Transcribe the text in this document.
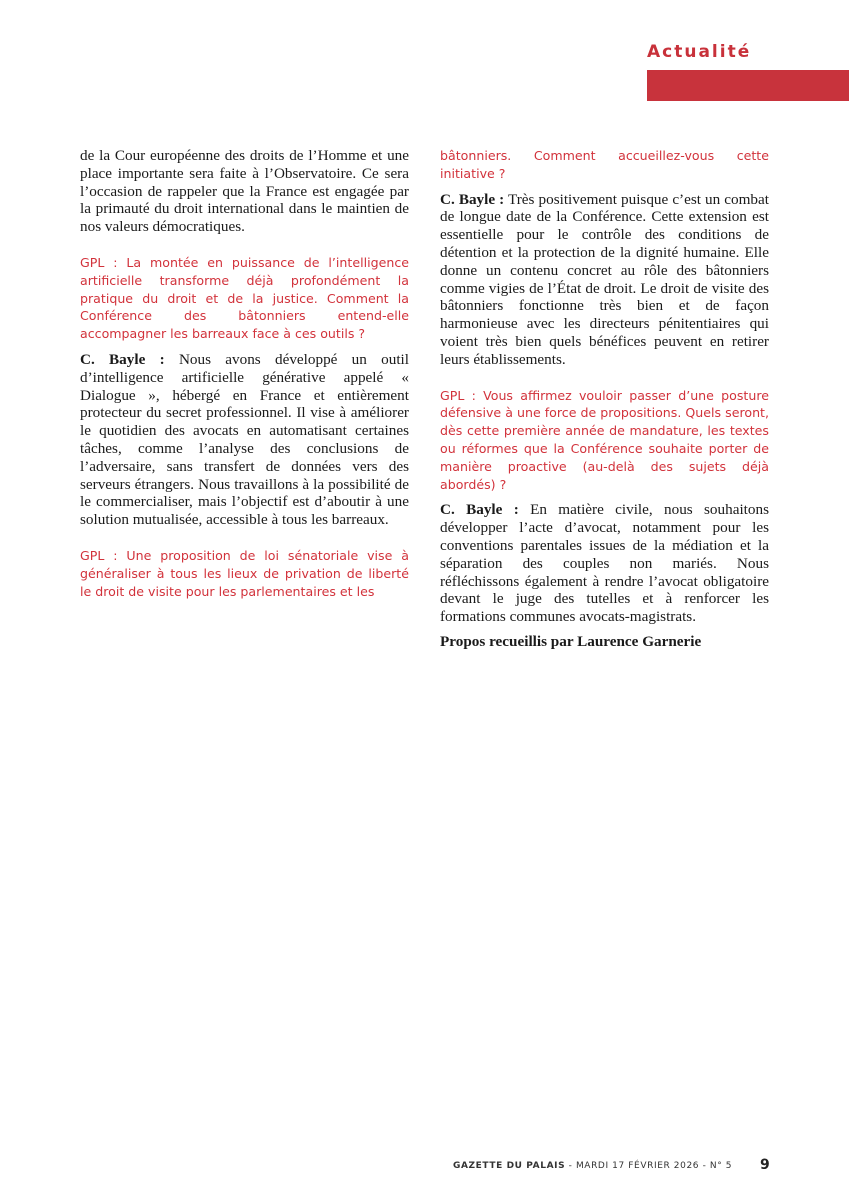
Actualité

de la Cour européenne des droits de l’Homme et une place importante sera faite à l’Observatoire. Ce sera l’occasion de rappeler que la France est engagée par la primauté du droit international dans le maintien de nos valeurs démocratiques.

GPL : La montée en puissance de l’intelligence artificielle transforme déjà profondément la pratique du droit et de la justice. Comment la Conférence des bâtonniers entend-elle accompagner les barreaux face à ces outils ?

C. Bayle : Nous avons développé un outil d’intelligence artificielle générative appelé « Dialogue », hébergé en France et entièrement protecteur du secret professionnel. Il vise à améliorer le quotidien des avocats en automatisant certaines tâches, comme l’analyse des conclusions de l’adversaire, sans transfert de données vers des serveurs étrangers. Nous travaillons à la possibilité de le commercialiser, mais l’objectif est d’aboutir à une solution mutualisée, accessible à tous les barreaux.

GPL : Une proposition de loi sénatoriale vise à généraliser à tous les lieux de privation de liberté le droit de visite pour les parlementaires et les

bâtonniers. Comment accueillez-vous cette initiative ?

C. Bayle : Très positivement puisque c’est un combat de longue date de la Conférence. Cette extension est essentielle pour le contrôle des conditions de détention et la protection de la dignité humaine. Elle donne un contenu concret au rôle des bâtonniers comme vigies de l’État de droit. Le droit de visite des bâtonniers fonctionne très bien et de façon harmonieuse avec les directeurs pénitentiaires qui voient très bien quels bénéfices peuvent en retirer leurs établissements.

GPL : Vous affirmez vouloir passer d’une posture défensive à une force de propositions. Quels seront, dès cette première année de mandature, les textes ou réformes que la Conférence souhaite porter de manière proactive (au-delà des sujets déjà abordés) ?

C. Bayle : En matière civile, nous souhaitons développer l’acte d’avocat, notamment pour les conventions parentales issues de la médiation et la séparation des couples non mariés. Nous réfléchissons également à rendre l’avocat obligatoire devant le juge des tutelles et à renforcer les formations communes avocats-magistrats.

Propos recueillis par Laurence Garnerie

GAZETTE DU PALAIS - MARDI 17 FÉVRIER 2026 - N° 5	9
